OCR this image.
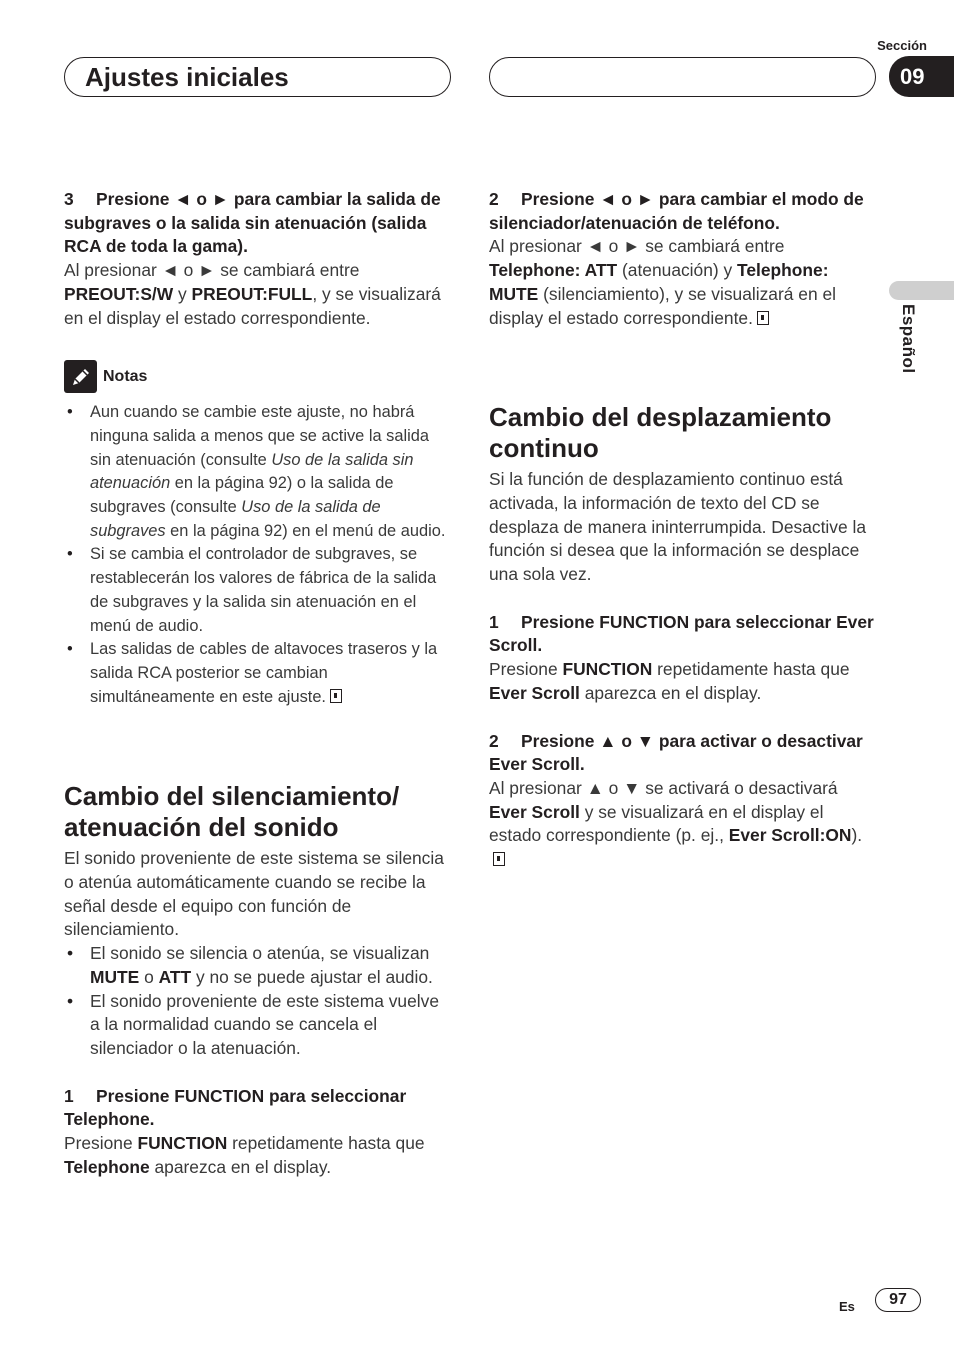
Ajustes iniciales
Sección
09
Español

3 Presione ◄ o ► para cambiar la salida de subgraves o la salida sin atenuación (salida RCA de toda la gama).

Al presionar ◄ o ► se cambiará entre PREOUT:S/W y PREOUT:FULL, y se visualizará en el display el estado correspondiente.

Notas
• Aun cuando se cambie este ajuste, no habrá ninguna salida a menos que se active la salida sin atenuación (consulte Uso de la salida sin atenuación en la página 92) o la salida de subgraves (consulte Uso de la salida de subgraves en la página 92) en el menú de audio.
• Si se cambia el controlador de subgraves, se restablecerán los valores de fábrica de la salida de subgraves y la salida sin atenuación en el menú de audio.
• Las salidas de cables de altavoces traseros y la salida RCA posterior se cambian simultáneamente en este ajuste.

Cambio del silenciamiento/ atenuación del sonido

El sonido proveniente de este sistema se silencia o atenúa automáticamente cuando se recibe la señal desde el equipo con función de silenciamiento.

• El sonido se silencia o atenúa, se visualizan MUTE o ATT y no se puede ajustar el audio.
• El sonido proveniente de este sistema vuelve a la normalidad cuando se cancela el silenciador o la atenuación.

1 Presione FUNCTION para seleccionar Telephone.

Presione FUNCTION repetidamente hasta que Telephone aparezca en el display.

2 Presione ◄ o ► para cambiar el modo de silenciador/atenuación de teléfono.

Al presionar ◄ o ► se cambiará entre Telephone: ATT (atenuación) y Telephone: MUTE (silenciamiento), y se visualizará en el display el estado correspondiente.

Cambio del desplazamiento continuo

Si la función de desplazamiento continuo está activada, la información de texto del CD se desplaza de manera ininterrumpida. Desactive la función si desea que la información se desplace una sola vez.

1 Presione FUNCTION para seleccionar Ever Scroll.

Presione FUNCTION repetidamente hasta que Ever Scroll aparezca en el display.

2 Presione ▲ o ▼ para activar o desactivar Ever Scroll.

Al presionar ▲ o ▼ se activará o desactivará Ever Scroll y se visualizará en el display el estado correspondiente (p. ej., Ever Scroll:ON).

Es	97
